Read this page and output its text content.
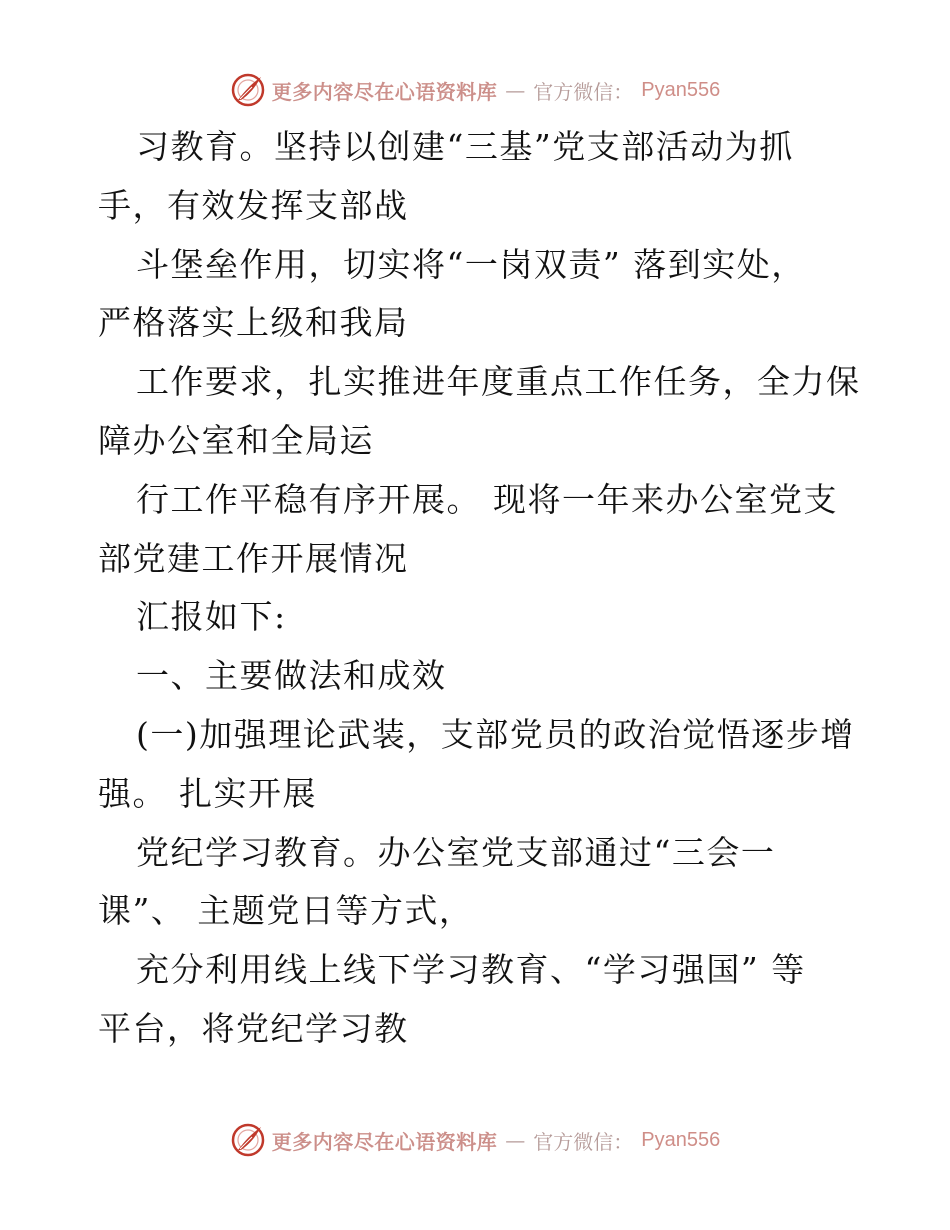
更多内容尽在心语资料库 — 官方微信： Pyan556
习教育。坚持以创建“三基”党支部活动为抓
手，有效发挥支部战
斗堡垒作用，切实将“一岗双责” 落到实处，
严格落实上级和我局
工作要求，扎实推进年度重点工作任务，全力保
障办公室和全局运
行工作平稳有序开展。 现将一年来办公室党支
部党建工作开展情况
汇报如下:
一、主要做法和成效
(一)加强理论武装，支部党员的政治觉悟逐步增
强。 扎实开展
党纪学习教育。办公室党支部通过“三会一
课”、 主题党日等方式，
充分利用线上线下学习教育、“学习强国” 等
平台，将党纪学习教
更多内容尽在心语资料库 — 官方微信： Pyan556
